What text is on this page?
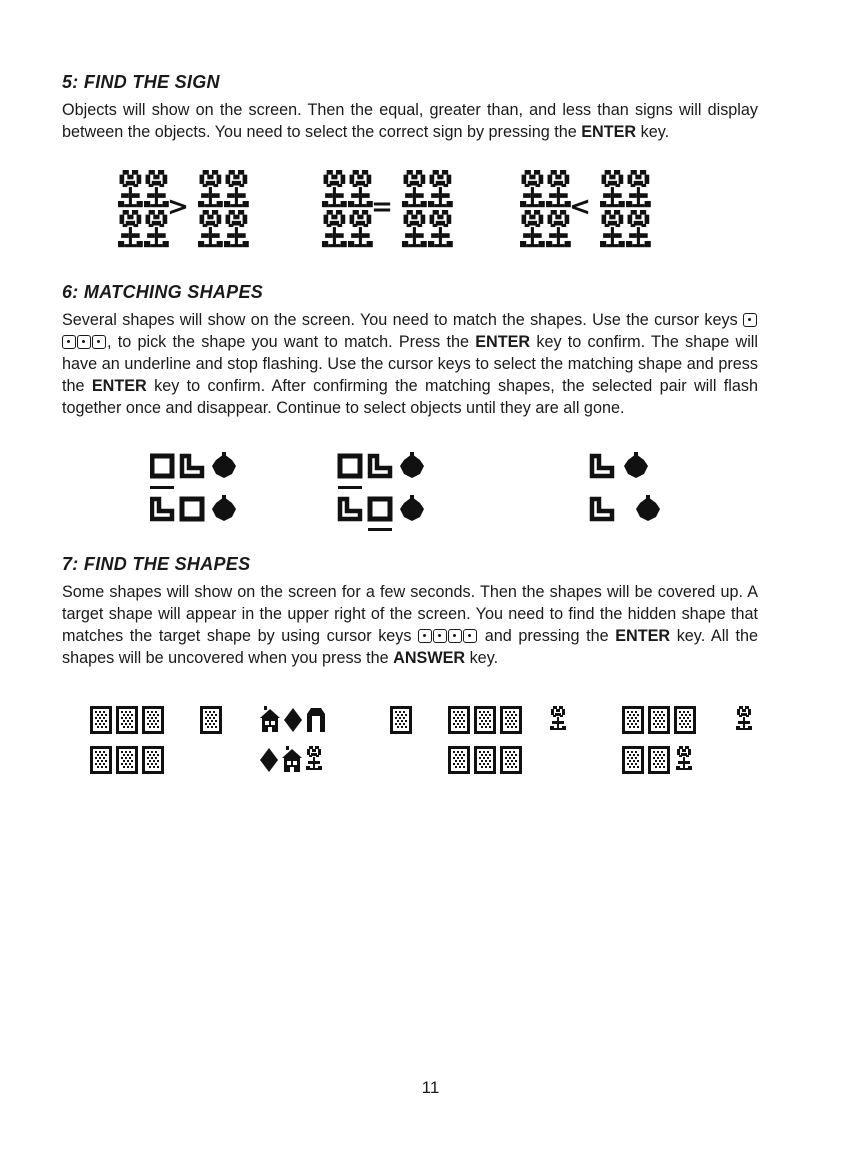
5: FIND THE SIGN

Objects will show on the screen. Then the equal, greater than, and less than signs will display between the objects. You need to select the correct sign by pressing the ENTER key.

>	=	<
6: MATCHING SHAPES

Several shapes will show on the screen. You need to match the shapes. Use the cursor keys , to pick the shape you want to match. Press the ENTER key to confirm. The shape will have an underline and stop flashing. Use the cursor keys to select the matching shape and press the ENTER key to confirm. After confirming the matching shapes, the selected pair will flash together once and disappear. Continue to select objects until they are all gone.

7: FIND THE SHAPES

Some shapes will show on the screen for a few seconds. Then the shapes will be covered up. A target shape will appear in the upper right of the screen. You need to find the hidden shape that matches the target shape by using cursor keys	and pressing the ENTER key. All the shapes will be uncovered when you press the ANSWER key.

11
